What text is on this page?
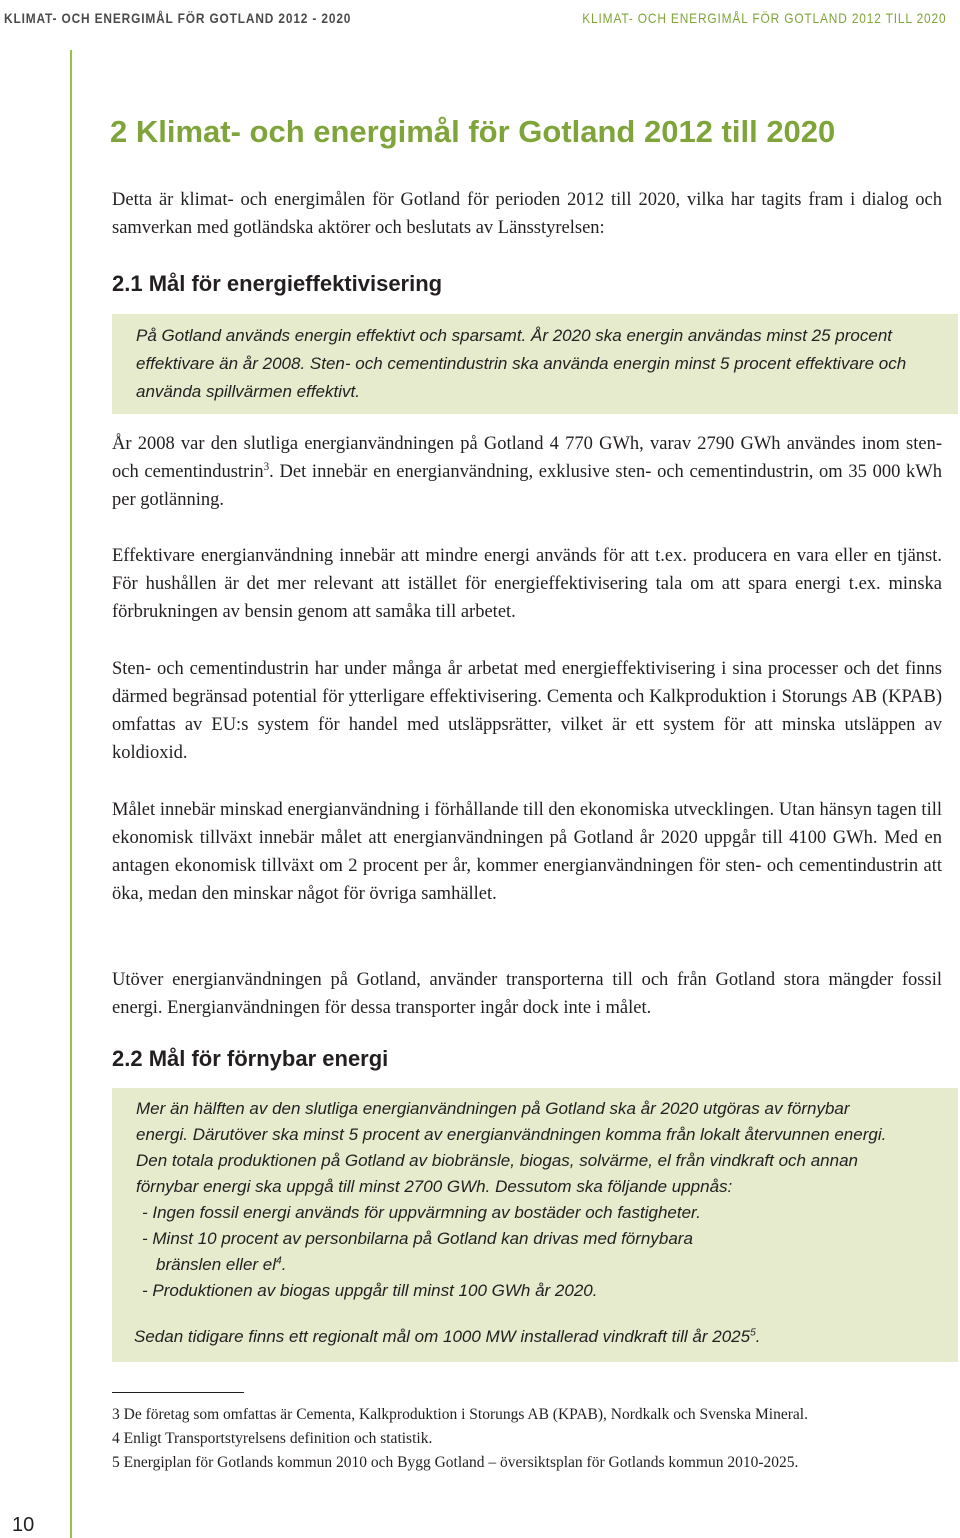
KLIMAT- OCH ENERGIMÅL FÖR GOTLAND 2012 - 2020	KLIMAT- OCH ENERGIMÅL FÖR GOTLAND 2012 TILL 2020
2 Klimat- och energimål för Gotland 2012 till 2020

Detta är klimat- och energimålen för Gotland för perioden 2012 till 2020, vilka har tagits fram i dialog och samverkan med gotländska aktörer och beslutats av Länsstyrelsen:

2.1 Mål för energieffektivisering
På Gotland används energin effektivt och sparsamt. År 2020 ska energin användas minst 25 procent effektivare än år 2008. Sten- och cementindustrin ska använda energin minst 5 procent effektivare och använda spillvärmen effektivt.

År 2008 var den slutliga energianvändningen på Gotland 4 770 GWh, varav 2790 GWh användes inom sten- och cementindustrin$^3$. Det innebär en energianvändning, exklusive sten- och cementindustrin, om 35 000 kWh per gotlänning.

Effektivare energianvändning innebär att mindre energi används för att t.ex. producera en vara eller en tjänst. För hushållen är det mer relevant att istället för energieffektivisering tala om att spara energi t.ex. minska förbrukningen av bensin genom att samåka till arbetet.

Sten- och cementindustrin har under många år arbetat med energieffektivisering i sina processer och det finns därmed begränsad potential för ytterligare effektivisering. Cementa och Kalkproduktion i Storungs AB (KPAB) omfattas av EU:s system för handel med utsläppsrätter, vilket är ett system för att minska utsläppen av koldioxid.

Målet innebär minskad energianvändning i förhållande till den ekonomiska utvecklingen. Utan hänsyn tagen till ekonomisk tillväxt innebär målet att energianvändningen på Gotland år 2020 uppgår till 4100 GWh. Med en antagen ekonomisk tillväxt om 2 procent per år, kommer energianvändningen för sten- och cementindustrin att öka, medan den minskar något för övriga samhället.

Utöver energianvändningen på Gotland, använder transporterna till och från Gotland stora mängder fossil energi. Energianvändningen för dessa transporter ingår dock inte i målet.

2.2 Mål för förnybar energi
Mer än hälften av den slutliga energianvändningen på Gotland ska år 2020 utgöras av förnybar
energi. Därutöver ska minst 5 procent av energianvändningen komma från lokalt återvunnen energi.
Den totala produktionen på Gotland av biobränsle, biogas, solvärme, el från vindkraft och annan
förnybar energi ska uppgå till minst 2700 GWh. Dessutom ska följande uppnås:
- Ingen fossil energi används för uppvärmning av bostäder och fastigheter.
- Minst 10 procent av personbilarna på Gotland kan drivas med förnybara
bränslen eller $el^4$.
- Produktionen av biogas uppgår till minst 100 GWh år 2020.
Sedan tidigare finns ett regionalt mål om 1000 MW installerad vindkraft till år 2025$^5$.

3 De företag som omfattas är Cementa, Kalkproduktion i Storungs AB (KPAB), Nordkalk och Svenska Mineral.

4 Enligt Transportstyrelsens definition och statistik.

5 Energiplan för Gotlands kommun 2010 och Bygg Gotland – översiktsplan för Gotlands kommun 2010-2025.

10
